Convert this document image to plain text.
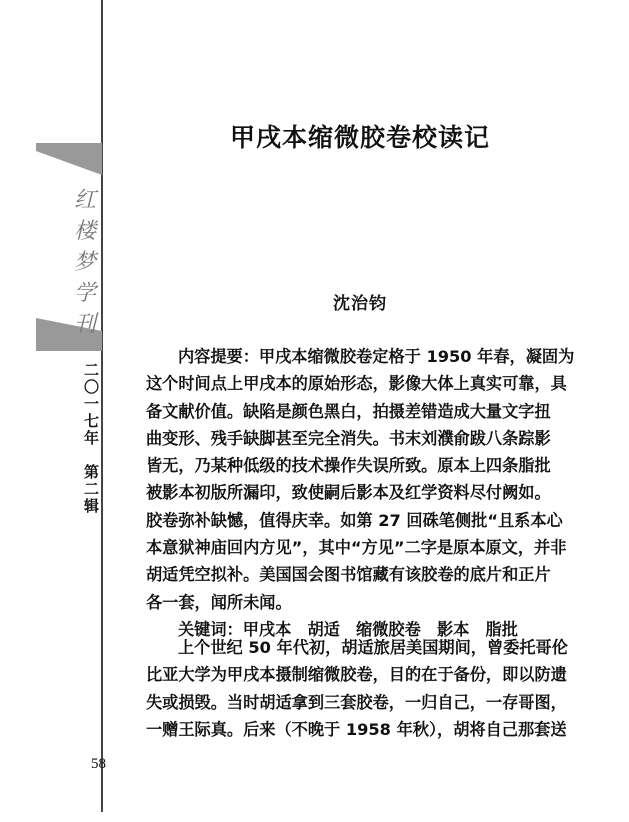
红
楼
梦
学
刊
二〇一七年　第二辑
甲戌本缩微胶卷校读记
沈治钧
内容提要：甲戌本缩微胶卷定格于 1950 年春，凝固为
这个时间点上甲戌本的原始形态，影像大体上真实可靠，具
备文献价值。缺陷是颜色黑白，拍摄差错造成大量文字扭
曲变形、残手缺脚甚至完全消失。书末刘濮俞跋八条踪影
皆无，乃某种低级的技术操作失误所致。原本上四条脂批
被影本初版所漏印，致使嗣后影本及红学资料尽付阙如。
胶卷弥补缺憾，值得庆幸。如第 27 回硃笔侧批“且系本心
本意狱神庙回内方见”，其中“方见”二字是原本原文，并非
胡适凭空拟补。美国国会图书馆藏有该胶卷的底片和正片
各一套，闻所未闻。
关键词：甲戌本　胡适　缩微胶卷　影本　脂批
上个世纪 50 年代初，胡适旅居美国期间，曾委托哥伦
比亚大学为甲戌本摄制缩微胶卷，目的在于备份，即以防遗
失或损毁。当时胡适拿到三套胶卷，一归自己，一存哥图，
一赠王际真。后来（不晚于 1958 年秋），胡将自己那套送
58
